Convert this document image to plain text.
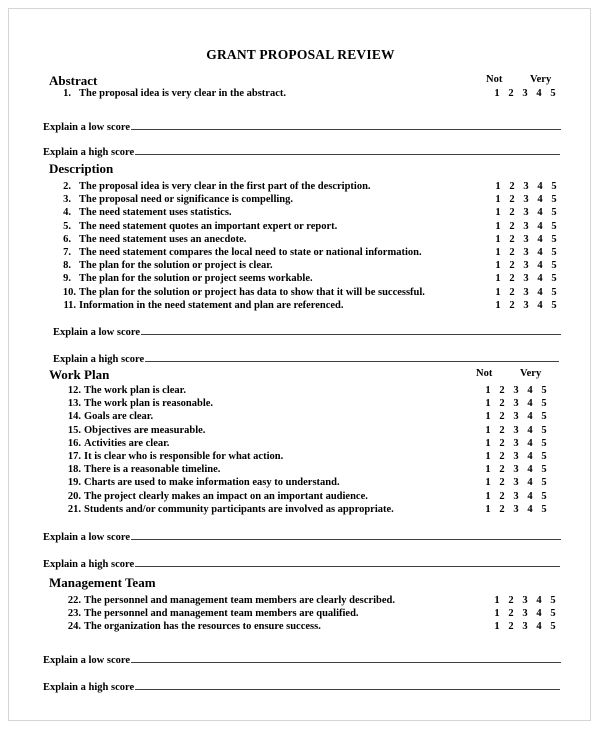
GRANT PROPOSAL REVIEW
Abstract	Not	Very
1. The proposal idea is very clear in the abstract.	1 2 3 4 5
Explain a low score
Explain a high score
Description
2. The proposal idea is very clear in the first part of the description.	1 2 3 4 5
3. The proposal need or significance is compelling.	1 2 3 4 5
4. The need statement uses statistics.	1 2 3 4 5
5. The need statement quotes an important expert or report.	1 2 3 4 5
6. The need statement uses an anecdote.	1 2 3 4 5
7. The need statement compares the local need to state or national information.	1 2 3 4 5
8. The plan for the solution or project is clear.	1 2 3 4 5
9. The plan for the solution or project seems workable.	1 2 3 4 5
10. The plan for the solution or project has data to show that it will be successful.	1 2 3 4 5
11. Information in the need statement and plan are referenced.	1 2 3 4 5
Explain a low score
Explain a high score
Work Plan	Not	Very
12. The work plan is clear.	1 2 3 4 5
13. The work plan is reasonable.	1 2 3 4 5
14. Goals are clear.	1 2 3 4 5
15. Objectives are measurable.	1 2 3 4 5
16. Activities are clear.	1 2 3 4 5
17. It is clear who is responsible for what action.	1 2 3 4 5
18. There is a reasonable timeline.	1 2 3 4 5
19. Charts are used to make information easy to understand.	1 2 3 4 5
20. The project clearly makes an impact on an important audience.	1 2 3 4 5
21. Students and/or community participants are involved as appropriate.	1 2 3 4 5
Explain a low score
Explain a high score
Management Team
22. The personnel and management team members are clearly described.	1 2 3 4 5
23. The personnel and management team members are qualified.	1 2 3 4 5
24. The organization has the resources to ensure success.	1 2 3 4 5
Explain a low score
Explain a high score
